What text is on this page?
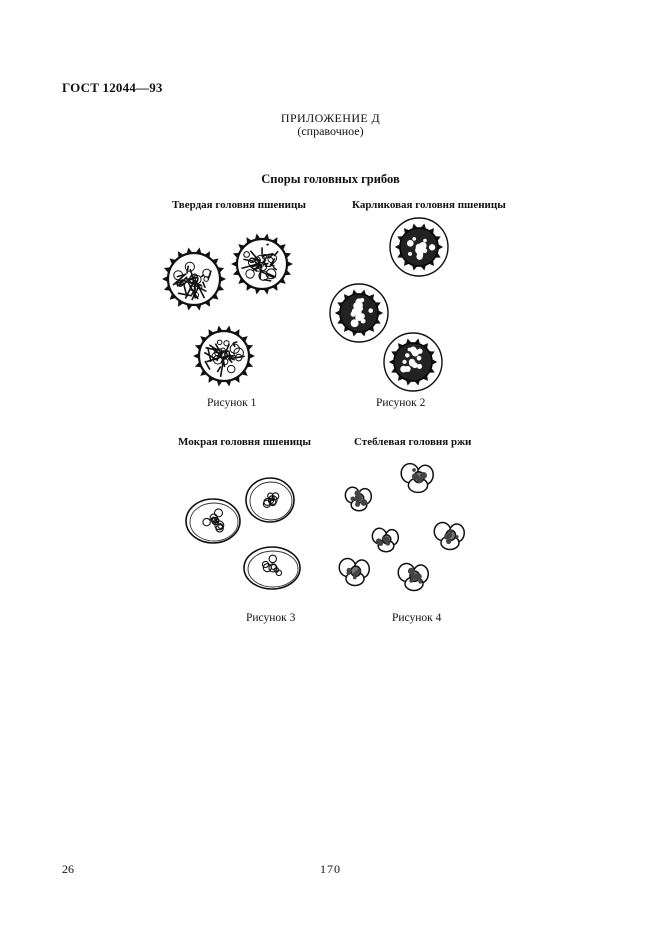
ГОСТ 12044—93
ПРИЛОЖЕНИЕ Д
(справочное)
Споры головных грибов
Твердая головня пшеницы	Карликовая головня пшеницы
Мокрая головня пшеницы	Стеблевая головня ржи
Рисунок 1	Рисунок 2
Рисунок 3	Рисунок 4
26	170
